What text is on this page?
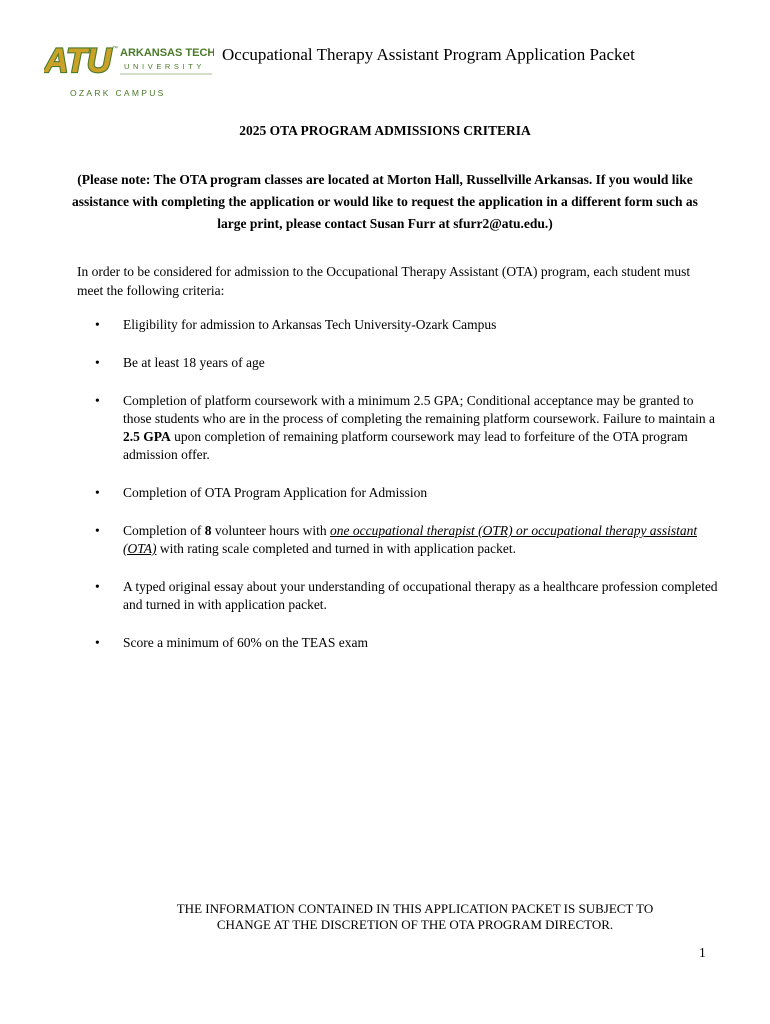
ATU ™ ARKANSAS TECH
UNIVERSITY
OZARK CAMPUS
Occupational Therapy Assistant Program Application Packet
2025 OTA PROGRAM ADMISSIONS CRITERIA
(Please note: The OTA program classes are located at Morton Hall, Russellville Arkansas. If you would like assistance with completing the application or would like to request the application in a different form such as large print, please contact Susan Furr at sfurr2@atu.edu.)
In order to be considered for admission to the Occupational Therapy Assistant (OTA) program, each student must meet the following criteria:
• Eligibility for admission to Arkansas Tech University-Ozark Campus
• Be at least 18 years of age
• Completion of platform coursework with a minimum 2.5 GPA; Conditional acceptance may be granted to those students who are in the process of completing the remaining platform coursework. Failure to maintain a 2.5 GPA upon completion of remaining platform coursework may lead to forfeiture of the OTA program admission offer.
• Completion of OTA Program Application for Admission
• Completion of 8 volunteer hours with one occupational therapist (OTR) or occupational therapy assistant (OTA) with rating scale completed and turned in with application packet.
• A typed original essay about your understanding of occupational therapy as a healthcare profession completed and turned in with application packet.
• Score a minimum of 60% on the TEAS exam
THE INFORMATION CONTAINED IN THIS APPLICATION PACKET IS SUBJECT TO
CHANGE AT THE DISCRETION OF THE OTA PROGRAM DIRECTOR.
1
